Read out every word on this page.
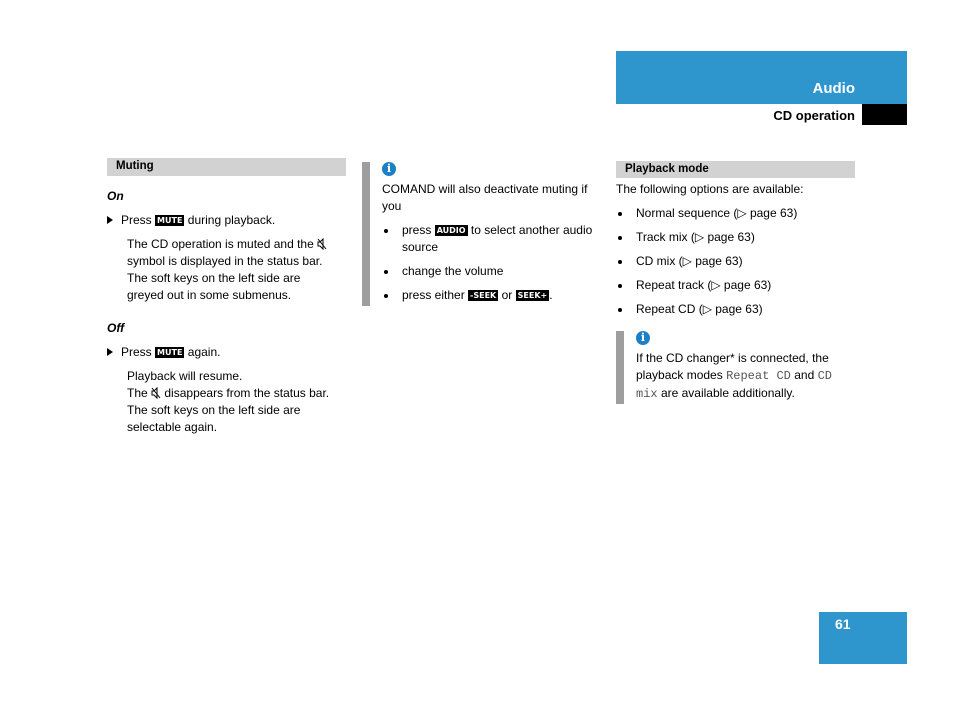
Audio
CD operation
Muting
On
Press MUTE during playback.
The CD operation is muted and the
symbol is displayed in the status bar.
The soft keys on the left side are
greyed out in some submenus.
Off
Press MUTE again.
Playback will resume.
The disappears from the status bar.
The soft keys on the left side are
selectable again.
i
COMAND will also deactivate muting if you
press AUDIO to select another audio source
change the volume
press either -SEEK or SEEK+ .
Playback mode
The following options are available:
Normal sequence (▷ page 63)
Track mix (▷ page 63)
CD mix (▷ page 63)
Repeat track (▷ page 63)
Repeat CD (▷ page 63)
i
If the CD changer* is connected, the playback modes Repeat CD and CD mix are available additionally.
61
